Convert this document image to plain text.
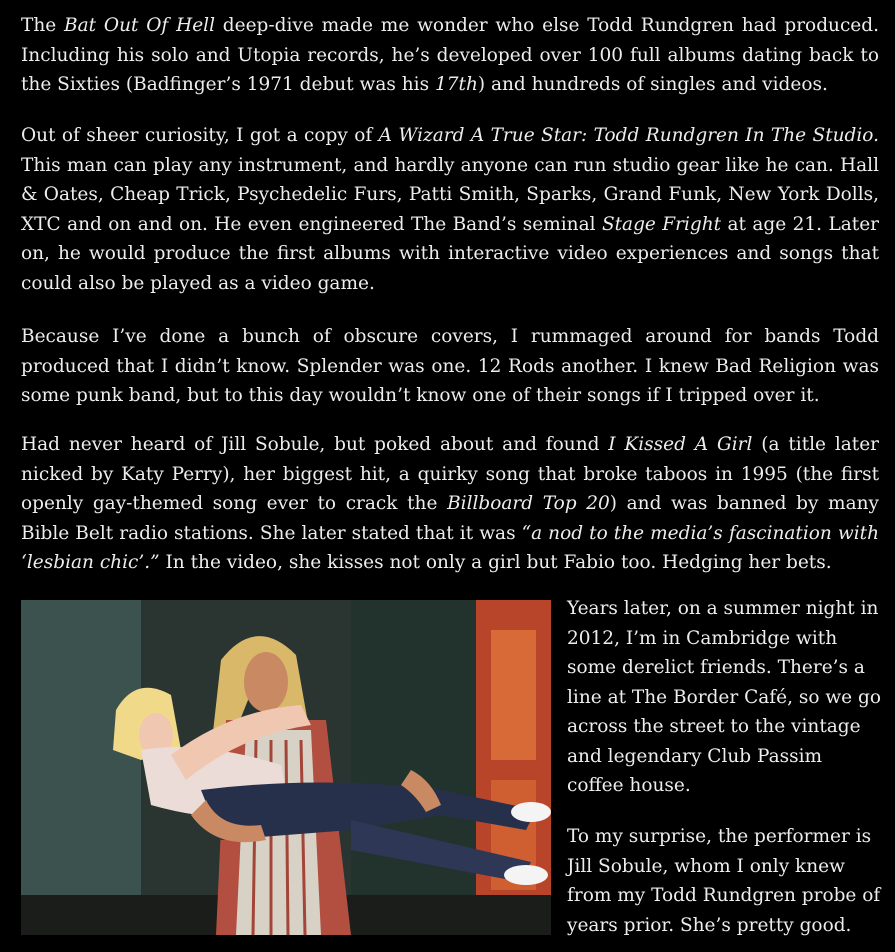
The Bat Out Of Hell deep-dive made me wonder who else Todd Rundgren had produced. Including his solo and Utopia records, he’s developed over 100 full albums dating back to the Sixties (Badfinger’s 1971 debut was his 17th) and hundreds of singles and videos.

Out of sheer curiosity, I got a copy of A Wizard A True Star: Todd Rundgren In The Studio. This man can play any instrument, and hardly anyone can run studio gear like he can. Hall & Oates, Cheap Trick, Psychedelic Furs, Patti Smith, Sparks, Grand Funk, New York Dolls, XTC and on and on. He even engineered The Band’s seminal Stage Fright at age 21. Later on, he would produce the first albums with interactive video experiences and songs that could also be played as a video game.

Because I’ve done a bunch of obscure covers, I rummaged around for bands Todd produced that I didn’t know. Splender was one. 12 Rods another. I knew Bad Religion was some punk band, but to this day wouldn’t know one of their songs if I tripped over it.

Had never heard of Jill Sobule, but poked about and found I Kissed A Girl (a title later nicked by Katy Perry), her biggest hit, a quirky song that broke taboos in 1995 (the first openly gay-themed song ever to crack the Billboard Top 20) and was banned by many Bible Belt radio stations. She later stated that it was “a nod to the media’s fascination with ‘lesbian chic’.” In the video, she kisses not only a girl but Fabio too. Hedging her bets.

Years later, on a summer night in 2012, I’m in Cambridge with some derelict friends. There’s a line at The Border Café, so we go across the street to the vintage and legendary Club Passim coffee house.

To my surprise, the performer is Jill Sobule, whom I only knew from my Todd Rundgren probe of years prior. She’s pretty good.
